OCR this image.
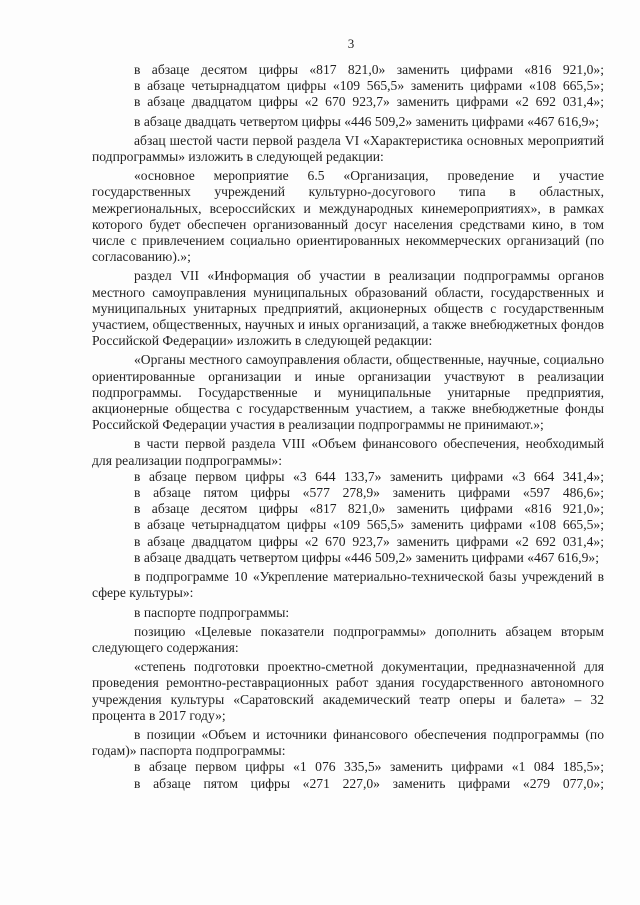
3

в абзаце десятом цифры «817 821,0» заменить цифрами «816 921,0»;

в абзаце четырнадцатом цифры «109 565,5» заменить цифрами «108 665,5»;

в абзаце двадцатом цифры «2 670 923,7» заменить цифрами «2 692 031,4»;

в абзаце двадцать четвертом цифры «446 509,2» заменить цифрами «467 616,9»;

абзац шестой части первой раздела VI «Характеристика основных мероприятий подпрограммы» изложить в следующей редакции:

«основное мероприятие 6.5 «Организация, проведение и участие государственных учреждений культурно-досугового типа в областных, межрегиональных, всероссийских и международных кинемероприятиях», в рамках которого будет обеспечен организованный досуг населения средствами кино, в том числе с привлечением социально ориентированных некоммерческих организаций (по согласованию).»;

раздел VII «Информация об участии в реализации подпрограммы органов местного самоуправления муниципальных образований области, государственных и муниципальных унитарных предприятий, акционерных обществ с государственным участием, общественных, научных и иных организаций, а также внебюджетных фондов Российской Федерации» изложить в следующей редакции:

«Органы местного самоуправления области, общественные, научные, социально ориентированные организации и иные организации участвуют в реализации подпрограммы. Государственные и муниципальные унитарные предприятия, акционерные общества с государственным участием, а также внебюджетные фонды Российской Федерации участия в реализации подпрограммы не принимают.»;

в части первой раздела VIII «Объем финансового обеспечения, необходимый для реализации подпрограммы»:

в абзаце первом цифры «3 644 133,7» заменить цифрами «3 664 341,4»;

в абзаце пятом цифры «577 278,9» заменить цифрами «597 486,6»;

в абзаце десятом цифры «817 821,0» заменить цифрами «816 921,0»;

в абзаце четырнадцатом цифры «109 565,5» заменить цифрами «108 665,5»;

в абзаце двадцатом цифры «2 670 923,7» заменить цифрами «2 692 031,4»;

в абзаце двадцать четвертом цифры «446 509,2» заменить цифрами «467 616,9»;

в подпрограмме 10 «Укрепление материально-технической базы учреждений в сфере культуры»:

в паспорте подпрограммы:

позицию «Целевые показатели подпрограммы» дополнить абзацем вторым следующего содержания:

«степень подготовки проектно-сметной документации, предназначенной для проведения ремонтно-реставрационных работ здания государственного автономного учреждения культуры «Саратовский академический театр оперы и балета» – 32 процента в 2017 году»;

в позиции «Объем и источники финансового обеспечения подпрограммы (по годам)» паспорта подпрограммы:

в абзаце первом цифры «1 076 335,5» заменить цифрами «1 084 185,5»;

в абзаце пятом цифры «271 227,0» заменить цифрами «279 077,0»;
